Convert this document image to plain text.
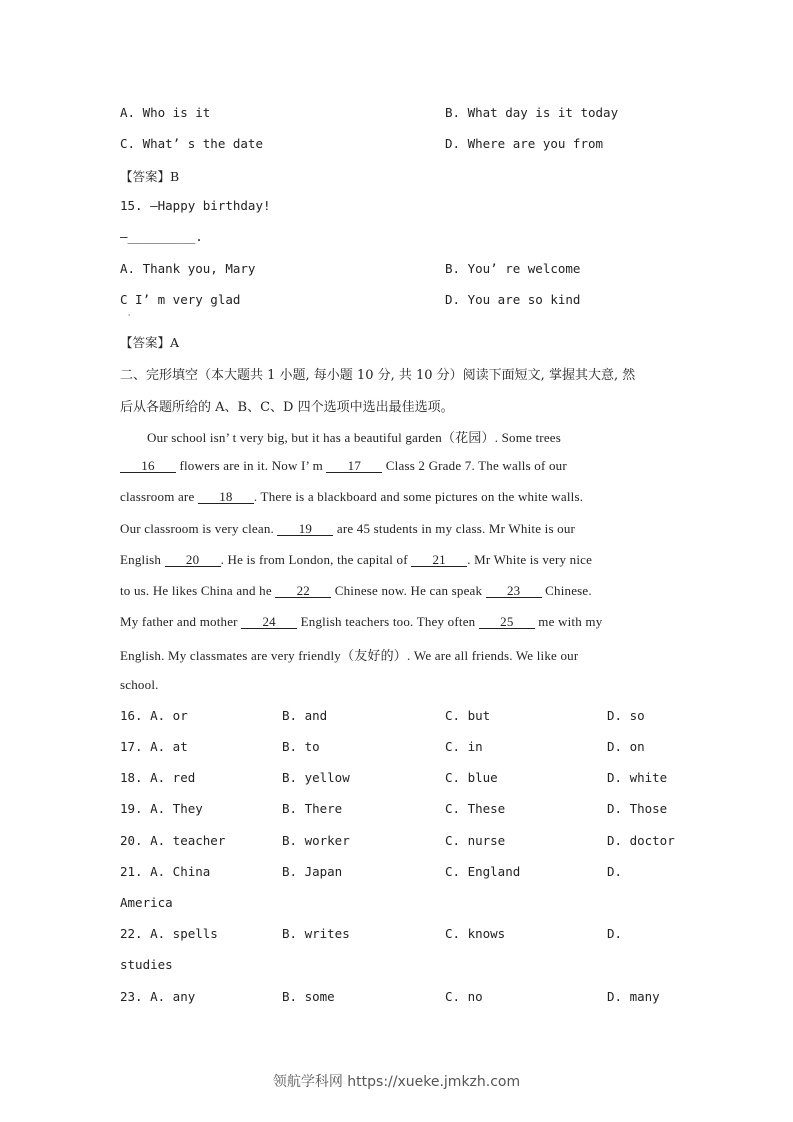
A. Who is it	B. What day is it today
C. What’ s the date	D. Where are you from
【答案】B
15. —Happy birthday!
—_________.
A. Thank you, Mary	B. You’ re welcome
C I’ m very glad	D. You are so kind
'
【答案】A
二、完形填空（本大题共 1 小题, 每小题 10 分, 共 10 分）阅读下面短文, 掌握其大意, 然
后从各题所给的 A、B、C、D 四个选项中选出最佳选项。
Our school isn’ t very big, but it has a beautiful garden（花园）. Some trees
16 flowers are in it. Now I’ m 17 Class 2 Grade 7. The walls of our
classroom are 18 . There is a blackboard and some pictures on the white walls.
Our classroom is very clean. 19 are 45 students in my class. Mr White is our
English 20 . He is from London, the capital of 21 . Mr White is very nice
to us. He likes China and he 22 Chinese now. He can speak 23 Chinese.
My father and mother 24 English teachers too. They often 25 me with my
English. My classmates are very friendly（友好的）. We are all friends. We like our
school.
16. A. or	B. and	C. but	D. so
17. A. at	B. to	C. in	D. on
18. A. red	B. yellow	C. blue	D. white
19. A. They	B. There	C. These	D. Those
20. A. teacher	B. worker	C. nurse	D. doctor
21. A. China	B. Japan	C. England	D.
America
22. A. spells	B. writes	C. knows	D.
studies
23. A. any	B. some	C. no	D. many
领航学科网 https://xueke.jmkzh.com
